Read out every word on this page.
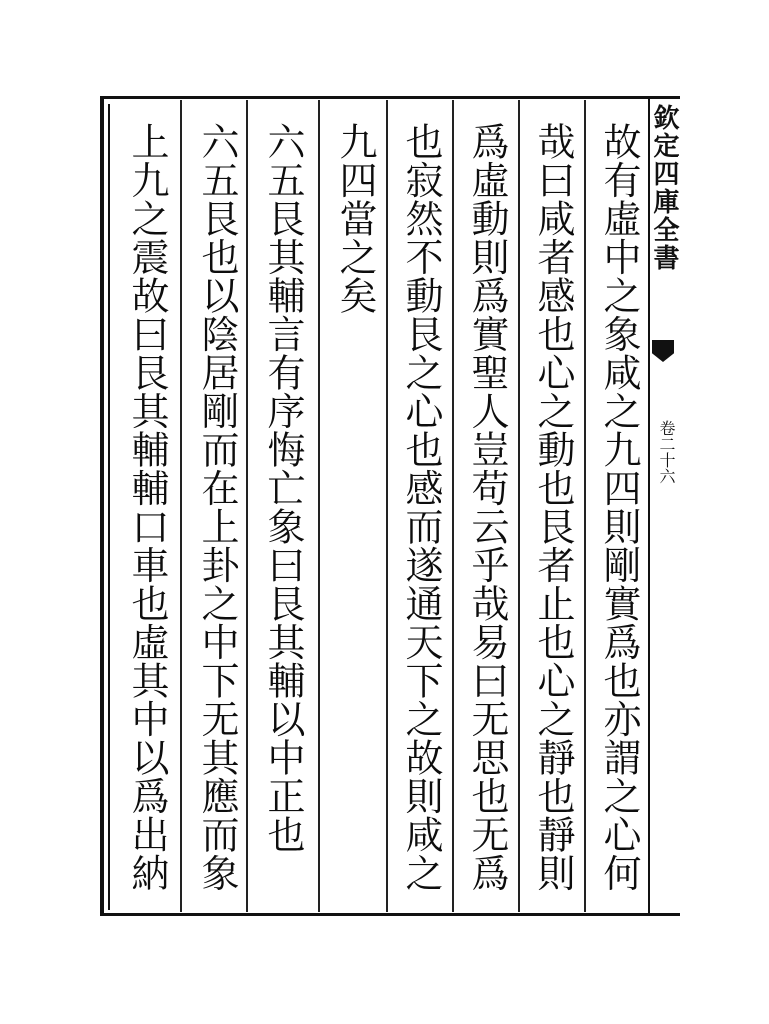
欽定四庫全書
卷二十六
故有虛中之象咸之九四則剛實爲也亦謂之心何
哉曰咸者感也心之動也艮者止也心之靜也靜則
爲虛動則爲實聖人豈苟云乎哉易曰无思也无爲
也寂然不動艮之心也感而遂通天下之故則咸之
九四當之矣
六五艮其輔言有序悔亡象曰艮其輔以中正也
六五艮也以陰居剛而在上卦之中下无其應而象
上九之震故曰艮其輔輔口車也虛其中以爲出納
